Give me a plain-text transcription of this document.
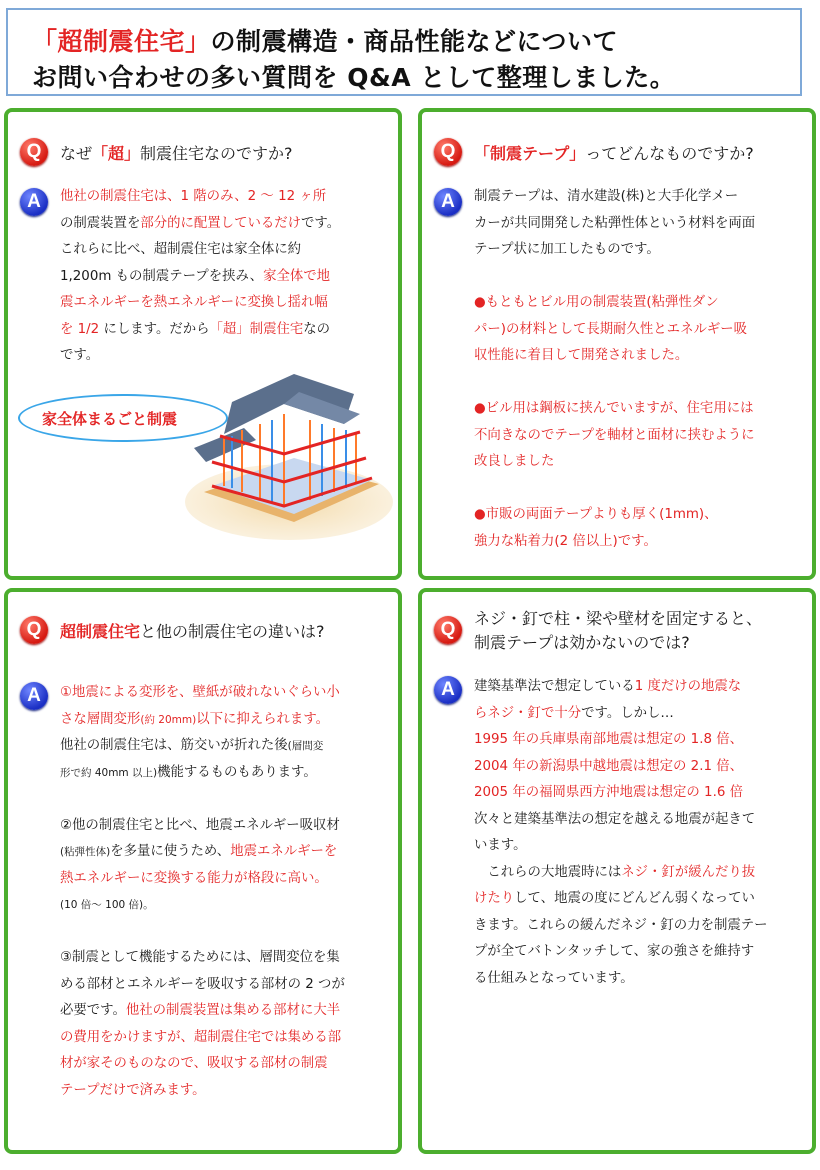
「超制震住宅」の制震構造・商品性能などについて
お問い合わせの多い質問を Q&A として整理しました。
Q	なぜ「超」制震住宅なのですか?
A	他社の制震住宅は、1 階のみ、2 ～ 12 ヶ所
の制震装置を部分的に配置しているだけです。
これらに比べ、超制震住宅は家全体に約
1,200m もの制震テープを挟み、家全体で地
震エネルギーを熱エネルギーに変換し揺れ幅
を 1/2 にします。だから「超」制震住宅なの
です。
家全体まるごと制震
Q	「制震テープ」ってどんなものですか?
A	制震テープは、清水建設(株)と大手化学メー
カーが共同開発した粘弾性体という材料を両面
テープ状に加工したものです。
●もともとビル用の制震装置(粘弾性ダン
パー)の材料として長期耐久性とエネルギー吸
収性能に着目して開発されました。
●ビル用は鋼板に挟んでいますが、住宅用には
不向きなのでテープを軸材と面材に挟むように
改良しました
●市販の両面テープよりも厚く(1mm)、
強力な粘着力(2 倍以上)です。
Q	超制震住宅と他の制震住宅の違いは?
A	①地震による変形を、壁紙が破れないぐらい小
さな層間変形(約 20mm)以下に抑えられます。
他社の制震住宅は、筋交いが折れた後(層間変
形で約 40mm 以上)機能するものもあります。
②他の制震住宅と比べ、地震エネルギー吸収材
(粘弾性体)を多量に使うため、地震エネルギーを
熱エネルギーに変換する能力が格段に高い。
(10 倍～ 100 倍)。
③制震として機能するためには、層間変位を集
める部材とエネルギーを吸収する部材の 2 つが
必要です。他社の制震装置は集める部材に大半
の費用をかけますが、超制震住宅では集める部
材が家そのものなので、吸収する部材の制震
テープだけで済みます。
Q
ネジ・釘で柱・梁や壁材を固定すると、
制震テープは効かないのでは?
A	建築基準法で想定している1 度だけの地震な
らネジ・釘で十分です。しかし…
1995 年の兵庫県南部地震は想定の 1.8 倍、
2004 年の新潟県中越地震は想定の 2.1 倍、
2005 年の福岡県西方沖地震は想定の 1.6 倍
次々と建築基準法の想定を越える地震が起きて
います。
　これらの大地震時にはネジ・釘が緩んだり抜
けたりして、地震の度にどんどん弱くなってい
きます。これらの緩んだネジ・釘の力を制震テー
プが全てバトンタッチして、家の強さを維持す
る仕組みとなっています。
